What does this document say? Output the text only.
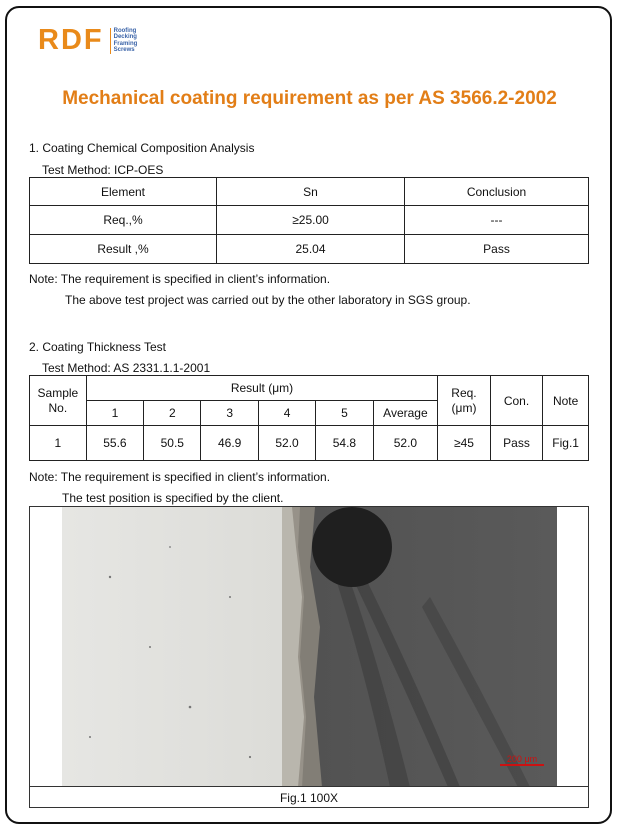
RDF Roofing
Decking
Framing
Screws
Mechanical coating requirement as per AS 3566.2-2002
1. Coating Chemical Composition Analysis
Test Method: ICP-OES
Element	Sn	Conclusion
Req.,%	≥25.00	---
Result ,%	25.04	Pass
Note: The requirement is specified in client’s information.
The above test project was carried out by the other laboratory in SGS group.
2. Coating Thickness Test
Test Method: AS 2331.1.1-2001
Sample No.	Result (μm)						Req. (μm)	Con.	Note
	1	2	3	4	5	Average			
1	55.6	50.5	46.9	52.0	54.8	52.0	≥45	Pass	Fig.1
Note: The requirement is specified in client’s information.
The test position is specified by the client.
200 μm
Fig.1 100X
